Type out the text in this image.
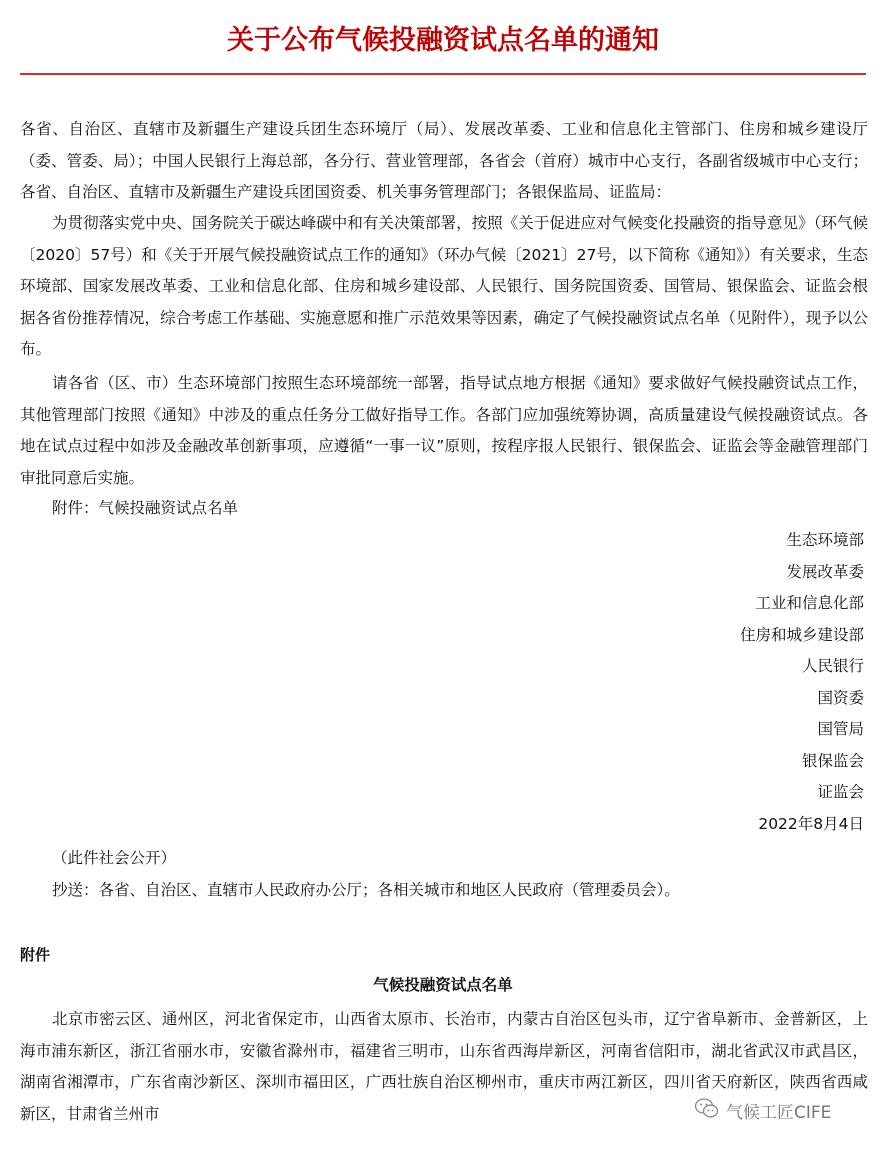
关于公布气候投融资试点名单的通知
各省、自治区、直辖市及新疆生产建设兵团生态环境厅（局）、发展改革委、工业和信息化主管部门、住房和城乡建设厅（委、管委、局）；中国人民银行上海总部，各分行、营业管理部，各省会（首府）城市中心支行，各副省级城市中心支行；各省、自治区、直辖市及新疆生产建设兵团国资委、机关事务管理部门；各银保监局、证监局：
为贯彻落实党中央、国务院关于碳达峰碳中和有关决策部署，按照《关于促进应对气候变化投融资的指导意见》（环气候〔2020〕57号）和《关于开展气候投融资试点工作的通知》（环办气候〔2021〕27号，以下简称《通知》）有关要求，生态环境部、国家发展改革委、工业和信息化部、住房和城乡建设部、人民银行、国务院国资委、国管局、银保监会、证监会根据各省份推荐情况，综合考虑工作基础、实施意愿和推广示范效果等因素，确定了气候投融资试点名单（见附件），现予以公布。
请各省（区、市）生态环境部门按照生态环境部统一部署，指导试点地方根据《通知》要求做好气候投融资试点工作，其他管理部门按照《通知》中涉及的重点任务分工做好指导工作。各部门应加强统筹协调，高质量建设气候投融资试点。各地在试点过程中如涉及金融改革创新事项，应遵循“一事一议”原则，按程序报人民银行、银保监会、证监会等金融管理部门审批同意后实施。
附件：气候投融资试点名单
生态环境部
发展改革委
工业和信息化部
住房和城乡建设部
人民银行
国资委
国管局
银保监会
证监会
2022年8月4日
（此件社会公开）
抄送：各省、自治区、直辖市人民政府办公厅；各相关城市和地区人民政府（管理委员会）。
附件
气候投融资试点名单
北京市密云区、通州区，河北省保定市，山西省太原市、长治市，内蒙古自治区包头市，辽宁省阜新市、金普新区，上海市浦东新区，浙江省丽水市，安徽省滁州市，福建省三明市，山东省西海岸新区，河南省信阳市，湖北省武汉市武昌区，湖南省湘潭市，广东省南沙新区、深圳市福田区，广西壮族自治区柳州市，重庆市两江新区，四川省天府新区，陕西省西咸新区，甘肃省兰州市	气候工匠CIFE
